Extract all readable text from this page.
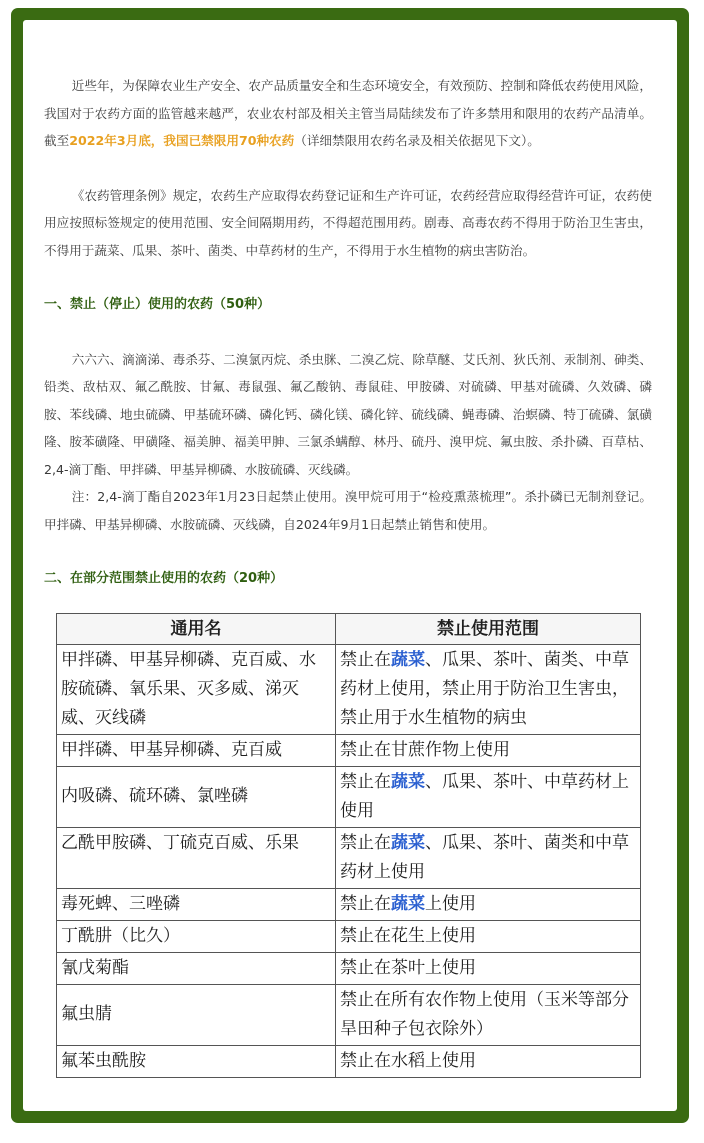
近些年，为保障农业生产安全、农产品质量安全和生态环境安全，有效预防、控制和降低农药使用风险，我国对于农药方面的监管越来越严，农业农村部及相关主管当局陆续发布了许多禁用和限用的农药产品清单。截至2022年3月底，我国已禁限用70种农药（详细禁限用农药名录及相关依据见下文）。

《农药管理条例》规定，农药生产应取得农药登记证和生产许可证，农药经营应取得经营许可证，农药使用应按照标签规定的使用范围、安全间隔期用药，不得超范围用药。剧毒、高毒农药不得用于防治卫生害虫，不得用于蔬菜、瓜果、茶叶、菌类、中草药材的生产，不得用于水生植物的病虫害防治。

一、禁止（停止）使用的农药（50种）

六六六、滴滴涕、毒杀芬、二溴氯丙烷、杀虫脒、二溴乙烷、除草醚、艾氏剂、狄氏剂、汞制剂、砷类、铅类、敌枯双、氟乙酰胺、甘氟、毒鼠强、氟乙酸钠、毒鼠硅、甲胺磷、对硫磷、甲基对硫磷、久效磷、磷胺、苯线磷、地虫硫磷、甲基硫环磷、磷化钙、磷化镁、磷化锌、硫线磷、蝇毒磷、治螟磷、特丁硫磷、氯磺隆、胺苯磺隆、甲磺隆、福美胂、福美甲胂、三氯杀螨醇、林丹、硫丹、溴甲烷、氟虫胺、杀扑磷、百草枯、2,4-滴丁酯、甲拌磷、甲基异柳磷、水胺硫磷、灭线磷。

注：2,4-滴丁酯自2023年1月23日起禁止使用。溴甲烷可用于“检疫熏蒸梳理”。杀扑磷已无制剂登记。甲拌磷、甲基异柳磷、水胺硫磷、灭线磷，自2024年9月1日起禁止销售和使用。

二、在部分范围禁止使用的农药（20种）
通用名	禁止使用范围
甲拌磷、甲基异柳磷、克百威、水胺硫磷、氧乐果、灭多威、涕灭威、灭线磷	禁止在蔬菜、瓜果、茶叶、菌类、中草药材上使用，禁止用于防治卫生害虫，禁止用于水生植物的病虫
甲拌磷、甲基异柳磷、克百威	禁止在甘蔗作物上使用
内吸磷、硫环磷、氯唑磷	禁止在蔬菜、瓜果、茶叶、中草药材上使用
乙酰甲胺磷、丁硫克百威、乐果	禁止在蔬菜、瓜果、茶叶、菌类和中草药材上使用
毒死蜱、三唑磷	禁止在蔬菜上使用
丁酰肼（比久）	禁止在花生上使用
氰戊菊酯	禁止在茶叶上使用
氟虫腈	禁止在所有农作物上使用（玉米等部分旱田种子包衣除外）
氟苯虫酰胺	禁止在水稻上使用
